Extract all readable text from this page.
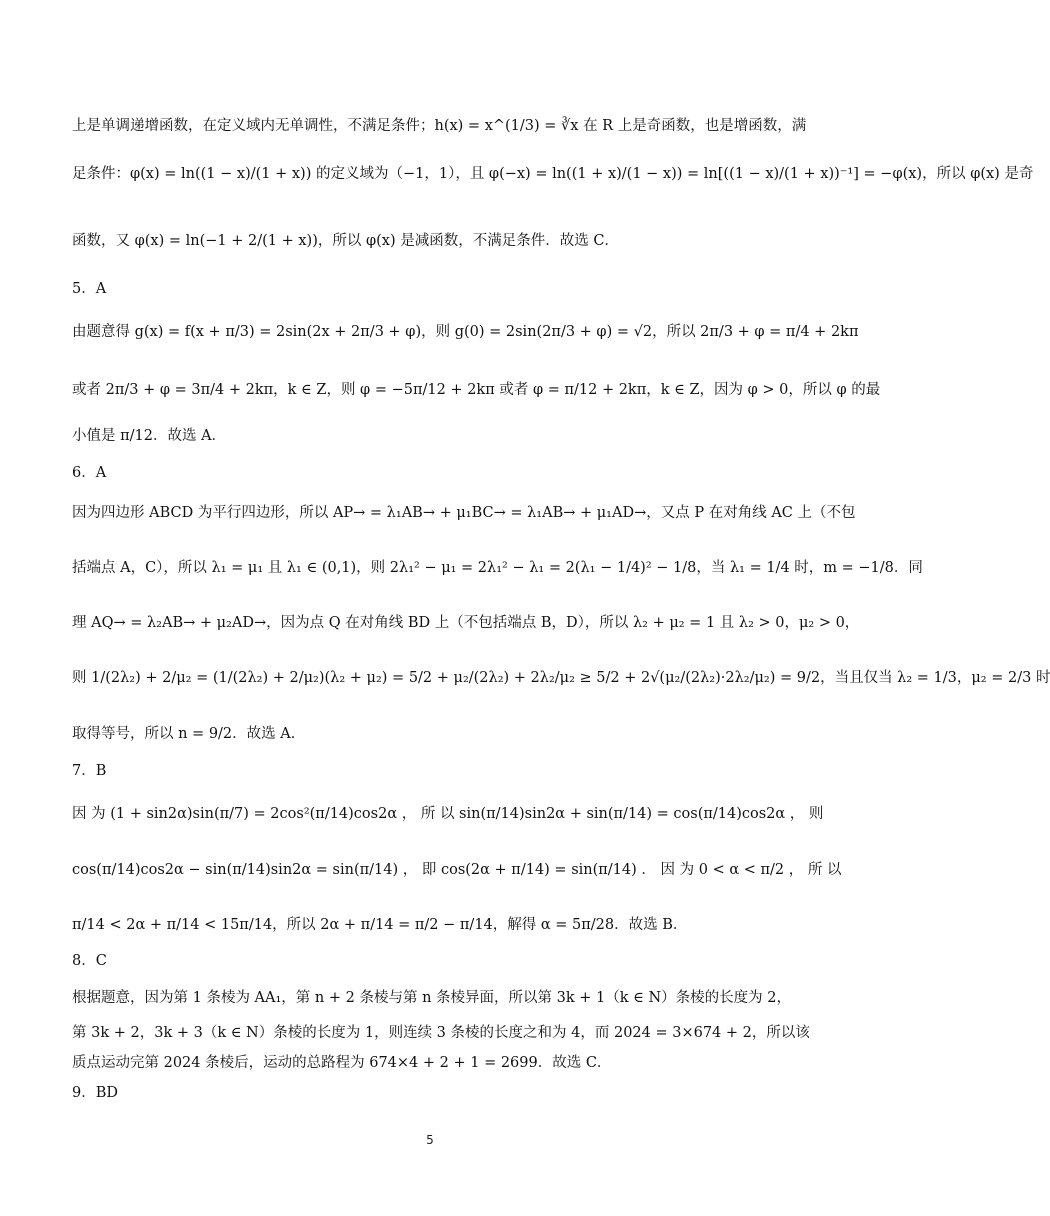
上是单调递增函数，在定义域内无单调性，不满足条件；h(x) = x^(1/3) = ∛x 在 R 上是奇函数，也是增函数，满
足条件：φ(x) = ln((1 − x)/(1 + x)) 的定义域为（−1，1），且 φ(−x) = ln((1 + x)/(1 − x)) = ln[((1 − x)/(1 + x))⁻¹] = −φ(x)，所以 φ(x) 是奇
函数，又 φ(x) = ln(−1 + 2/(1 + x))，所以 φ(x) 是减函数，不满足条件．故选 C．
5．A
由题意得 g(x) = f(x + π/3) = 2sin(2x + 2π/3 + φ)，则 g(0) = 2sin(2π/3 + φ) = √2，所以 2π/3 + φ = π/4 + 2kπ
或者 2π/3 + φ = 3π/4 + 2kπ，k ∈ Z，则 φ = −5π/12 + 2kπ 或者 φ = π/12 + 2kπ，k ∈ Z，因为 φ > 0，所以 φ 的最
小值是 π/12．故选 A．
6．A
因为四边形 ABCD 为平行四边形，所以 AP→ = λ₁AB→ + μ₁BC→ = λ₁AB→ + μ₁AD→，又点 P 在对角线 AC 上（不包
括端点 A，C），所以 λ₁ = μ₁ 且 λ₁ ∈ (0,1)，则 2λ₁² − μ₁ = 2λ₁² − λ₁ = 2(λ₁ − 1/4)² − 1/8，当 λ₁ = 1/4 时，m = −1/8．同
理 AQ→ = λ₂AB→ + μ₂AD→，因为点 Q 在对角线 BD 上（不包括端点 B，D），所以 λ₂ + μ₂ = 1 且 λ₂ > 0，μ₂ > 0，
则 1/(2λ₂) + 2/μ₂ = (1/(2λ₂) + 2/μ₂)(λ₂ + μ₂) = 5/2 + μ₂/(2λ₂) + 2λ₂/μ₂ ≥ 5/2 + 2√(μ₂/(2λ₂)·2λ₂/μ₂) = 9/2，当且仅当 λ₂ = 1/3，μ₂ = 2/3 时
取得等号，所以 n = 9/2．故选 A．
7．B
因 为 (1 + sin2α)sin(π/7) = 2cos²(π/14)cos2α ， 所 以 sin(π/14)sin2α + sin(π/14) = cos(π/14)cos2α ， 则
cos(π/14)cos2α − sin(π/14)sin2α = sin(π/14) ， 即 cos(2α + π/14) = sin(π/14) ． 因 为 0 < α < π/2 ， 所 以
π/14 < 2α + π/14 < 15π/14，所以 2α + π/14 = π/2 − π/14，解得 α = 5π/28．故选 B．
8．C
根据题意，因为第 1 条棱为 AA₁，第 n + 2 条棱与第 n 条棱异面，所以第 3k + 1（k ∈ N）条棱的长度为 2，
第 3k + 2，3k + 3（k ∈ N）条棱的长度为 1，则连续 3 条棱的长度之和为 4，而 2024 = 3×674 + 2，所以该
质点运动完第 2024 条棱后，运动的总路程为 674×4 + 2 + 1 = 2699．故选 C．
9．BD
5
